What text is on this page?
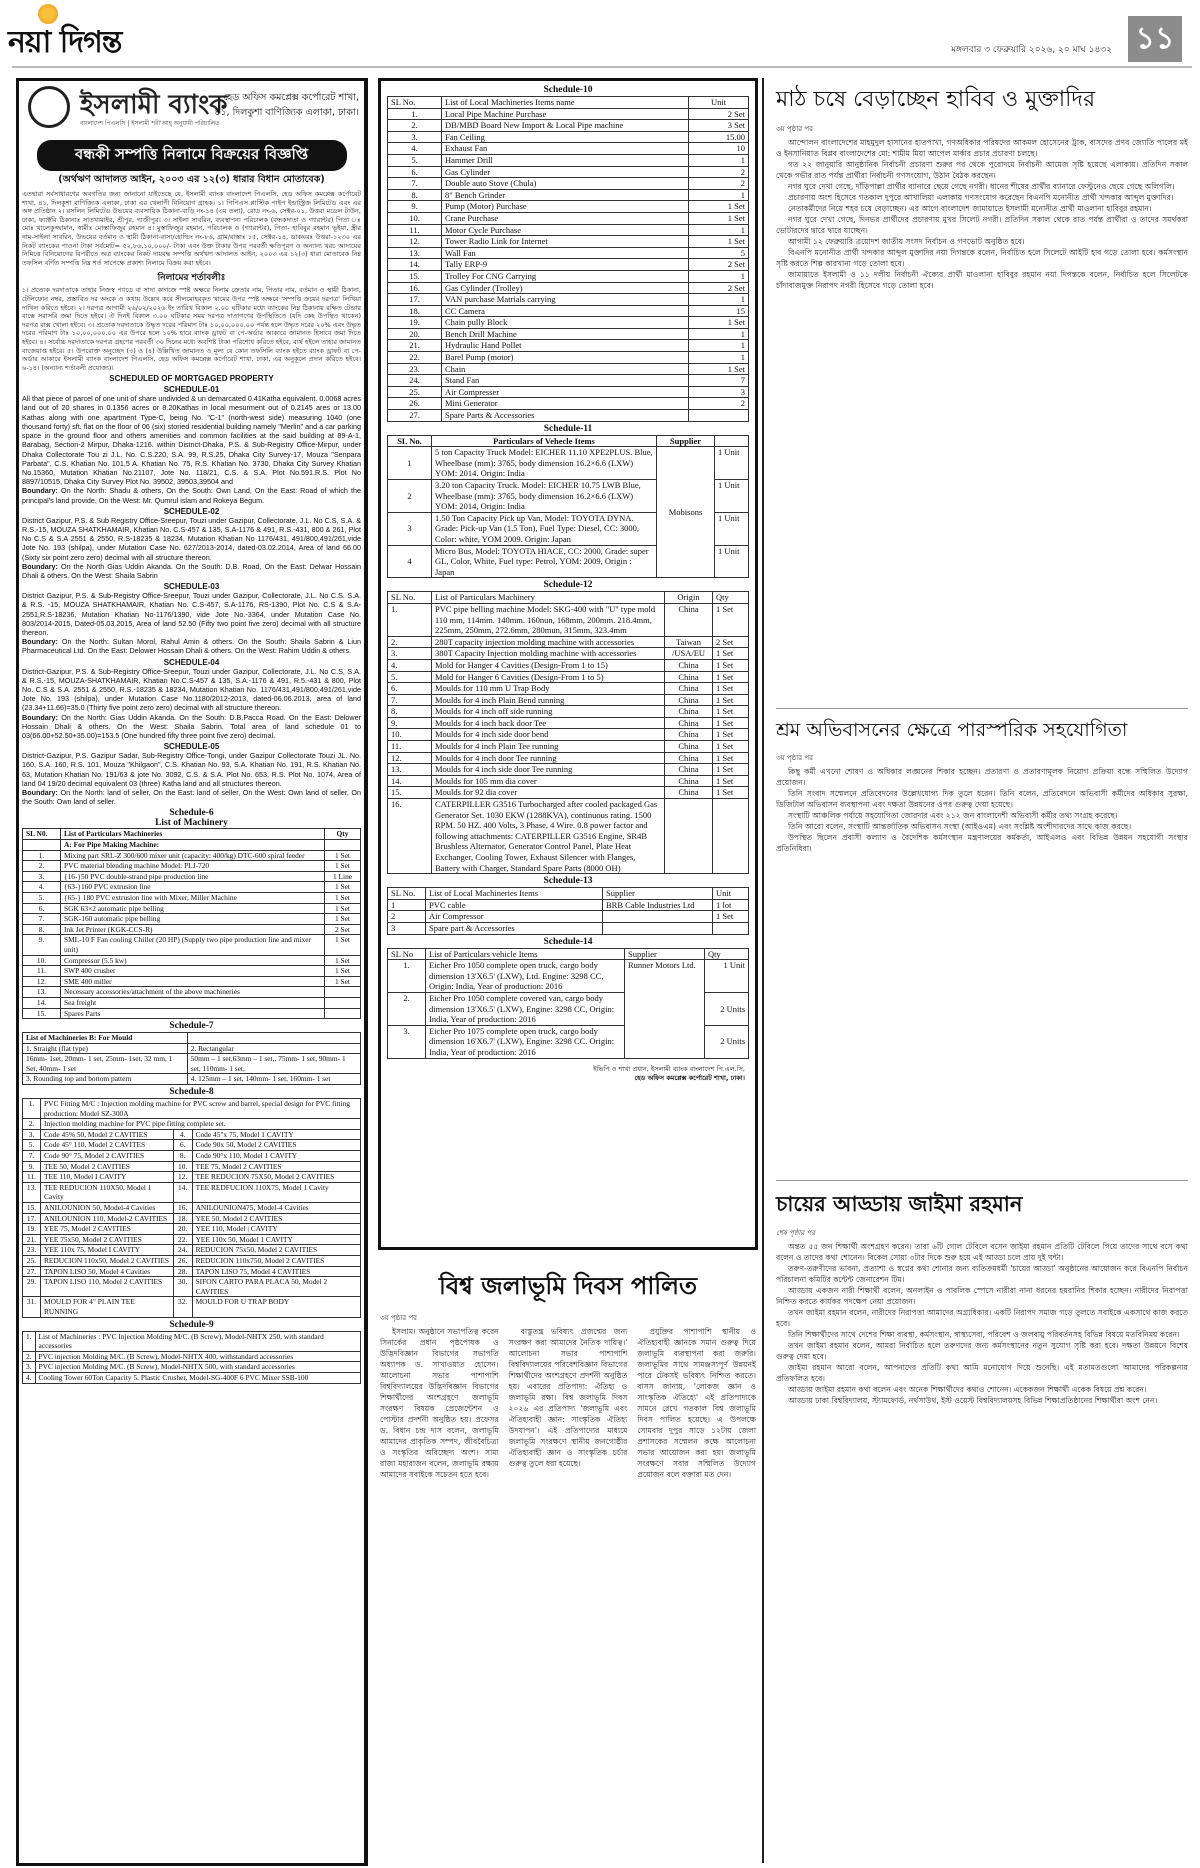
নয়া দিগন্ত	মঙ্গলবার ৩ ফেব্রুয়ারি ২০২৬, ২০ মাঘ ১৪৩২ ১১
ইসলামী ব্যাংক
বাংলাদেশ পিএলসি | ইসলামী শরী'আহ্ অনুযায়ী পরিচালিত
হেড অফিস কমপ্লেক্স কর্পোরেট শাখা,
৪১, দিলকুশা বাণিজ্যিক এলাকা, ঢাকা।
বন্ধকী সম্পত্তি নিলামে বিক্রয়ের বিজ্ঞপ্তি
(অর্থঋণ আদালত আইন, ২০০৩ এর ১২(৩) ধারার বিধান মোতাবেক)
এতদ্বারা সর্বসাধারণের অবগতির জন্য জানানো যাইতেছে যে, ইসলামী ব্যাংক বাংলাদেশ পিএলসি, হেড অফিস কমপ্লেক্স কর্পোরেট শাখা, ৪১, দিলকুশা বাণিজ্যিক এলাকা, ঢাকা এর খেলাপী বিনিয়োগ গ্রাহক। ১। পিপিএস প্লাস্টিক পাইপ ইন্ডাস্ট্রিজ লিমিটেড এবং এর অঙ্গ প্রতিষ্ঠান ২। রসলিন লিমিটেড উভয়ের ব্যবসায়িক ঠিকানা-বাড়ি নং-১৪ (৩য় তলা), রোড নং-৬, সেক্টর-০১, উত্তরা মডেল টাউন, ঢাকা, ফ্যাক্টরি ঠিকানাঃ সাতখামাইর, শ্রীপুর, গাজীপুর। ৩। সাইলা সাবরিন, ব্যবস্থাপনা পরিচালক (বন্ধকদাতা ও গ্যারান্টর) পিতা ঃ মোঃ খালেকুজ্জামান, স্বামীঃ মোস্তাফিজুর রহমান ৪। মুস্তাফিজুর রহমান, পরিচালক ও (গ্যারান্টর), পিতা- হাবিবুর রহমান ভূইয়া, স্ত্রীর নাম-সাইলা সাবরিন, উভয়ের বর্তমান ও স্থায়ী ঠিকানা-বাসা/হোল্ডিং নং-৮৬, গ্রাম/রাস্তাঃ ১৫, সেক্টর-১৪, ডাকঘরঃ উত্তরা-১২৩০ এর নিকট ব্যাংকের পাওনা টাকা সর্বমোট= ৫২,৮৬,১০,০০০/- টাকা এবং উক্ত টাকার উপর পরবর্তী ক্ষতিপূরণ ও অন্যান্য খরচ আদায়ের নিমিত্তে বিনিয়োগের বিপরীতে অত্র ব্যাংকের নিকট দায়বদ্ধ সম্পত্তি অর্থঋণ আদালত আইন, ২০০৩ এর ১২(৩) ধারা মোতাবেক নিম্ন তফসিল বর্ণিত সম্পত্তি নিম্ন শর্ত সাপেক্ষে প্রকাশ্য নিলামে বিক্রয় করা হইবে।
নিলামের শর্তাবলীঃ
১। প্রত্যেক দরদাতাকে তাহার নিজস্ব প্যাডে বা সাদা কাগজে স্পষ্ট অক্ষরে নিলাম ক্রেতার নাম, পিতার নাম, বর্তমান ও স্থায়ী ঠিকানা, টেলিফোন নম্বর, প্রস্তাবিত দর অংকে ও কথায় উল্লেখ করে সীলমোহরকৃত খামের উপর স্পষ্ট অক্ষরে 'সম্পত্তি ক্রয়ের দরপত্র' লিখিয়া দাখিল করিতে হইবে। ২। দরপত্র আগামী ২৬/০২/২০২৬ ইং তারিখ বিকাল ২.০০ ঘটিকার মধ্যে ব্যাংকের নিম্ন ঠিকানায় রক্ষিত টেন্ডার বাক্সে সরাসরি জমা দিতে হইবে। ঐ দিনই বিকাল ৩.০০ ঘটিকার সময় দরপত্র দাতাগণের উপস্থিতিতে (যদি কেহ উপস্থিত থাকেন) দরপত্র বাক্স খোলা হইবে। ৩। প্রত্যেক দরদাতাকে উদ্ধৃত দরের পরিমাণ টাঃ ১০,০০,০০০.০০ পর্যন্ত হলে উদ্ধৃত দরের ২০% এবং উদ্ধৃত দরের পরিমাণ টাঃ ১০,০০,০০০.০০ এর উপরে হলে ১০% হারে ব্যাংক ড্রাফট বা পে-অর্ডার আকারে জামানত হিসাবে জমা দিতে হইবে। ৪। সর্বোচ্চ দরদাতাকে দরপত্র গ্রহণের পরবর্তী ৩০ দিনের মধ্যে অবশিষ্ট টাকা পরিশোধ করিতে হইবে, ব্যর্থ হইলে তাহার জামানত বাজেয়াপ্ত হইবে। ৫। উপরোক্ত অনুচ্ছেদ (৩) ও (৪) উল্লিখিত জামানত ও মূল্য যে কোন তফসিলি ব্যাংক হইতে ব্যাংক ড্রাফট বা পে-অর্ডার আকারে ইসলামী ব্যাংক বাংলাদেশ পিএলসি, হেড অফিস কমপ্লেক্স কর্পোরেট শাখা, ঢাকা, এর অনুকূলে প্রদান করিতে হইবে। ৬-১৪। (অন্যান্য শর্তাবলী প্রযোজ্য)।
SCHEDULED OF MORTGAGED PROPERTY
SCHEDULE-01
All that piece of parcel of one unit of share undivided & un demarcated 0.41Katha equivalent. 0.0068 acres land out of 20 shares in 0.1356 acres or 8.20Kathas in local mesurment out of 0.2145 ares or 13.00 Kathas along with one apartment Type-C, being No. "C-1" (north-west side) measuring 1040 (one thousand forty) sft. flat on the floor of 06 (six) storied residential building namely "Merlin" and a car parking space in the ground floor and others amenities and common facilities at the said building at 89-A-1, Barabag, Section-2 Mirpur, Dhaka-1216. within District-Dhaka, P.S. & Sub-Registry Office-Mirpur, under Dhaka Collectorate Tou zi J.L. No. C.S.220, S.A. 99, R.S.25, Dhaka City Survey-17, Mouza "Senpara Parbata", C.S. Khatian No. 101,5 A. Khatian No. 75, R.S. Khatian No. 3730, Dhaka City Survey Khatian No.15360, Mutation Khatian No.21107, Jote No. 118/21, C.S. & S.A. Plot No.591.R.S. Plot No 8897/10515, Dhaka City Survey Plot No. 39502, 39503,39504 and
Boundary: On the North: Shadu & others, On the South: Own Land, On the East: Road of which the principal's land provide, On the West: Mr. Qumrul islam and Rokeya Begum.
SCHEDULE-02
District Gazipur, P.S. & Sub Registry Office-Sreepur, Touzi under Gazipur, Collectorate, J.L. No C.S, S.A. & R.S.-15, MOUZA SHATKHAMAIR, Khatian No. C.S-457 & 135, S.A-1176 & 491, R.S.-431, 800 & 261, Plot No C.S & S.A 2551 & 2550, R.S-18235 & 18234, Mutation Khatian No 1176/431, 491/800,491/261,vide Jote No. 193 (shilpa), under Mutation Case No. 627/2013-2014, dated-03.02.2014, Area of land 66.00 (Sixty six point zero zero) decimal with all structure thereon.
Boundary: On the North Gias Uddin Akanda. On the South: D.B. Road, On the East: Delwar Hossain Dhali & others. On the West: Shaila Sabrin
SCHEDULE-03
District Gazipur, P.S. & Sub-Registry Office-Sreepur, Touzi under Gazipur, Collectorate, J.L. No C.S. S.A. & R.S. -15, MOUZA SHATKHAMAIR, Khatian No. C.S-457, S.A-1176, RS-1390, Plot No. C.S & S.A-2551,R.S-18236, Mutation Khatian No-1176/1390, vide Jote No.-3364, under Mutation Case No. 803/2014-2015, Dated-05.03.2015, Area of land 52.50 (Fifty two point five zero) decimal with all structure thereon.
Boundary: On the North: Sultan Morol, Rahul Amin & others. On the South: Shaila Sabrin & Liun Pharmaceutical Ltd. On the East: Delower Hossain Dhali & others. On the West: Rahim Uddin & others.
SCHEDULE-04
District-Gazipur, P.S. & Sub-Registry Office-Sreepur, Touzi under Gazipur, Collectorate, J.L. No C.S, S.A. & R.S.-15, MOUZA-SHATKHAMAIR, Khatian No.C.S-457 & 135, S.A.-1176 & 491, R.5.-431 & 800, Plot No. C.S & S.A. 2551 & 2550, R.S.-18235 & 18234, Mutation Khatian No. 1176/431,491/800,491/261,vide Jote No. 193 (shilpa), under Mutation Case No.1180/2012-2013, dated-06.06.2013, area of land (23.34+11.66)=35.0 (Thirty five point zero zero) decimal with all structure thereon.
Boundary: On the North: Gias Uddin Akanda. On the South: D.B.Pacca Road. On the East: Delower Hossain Dhali & others. On the West: Shaila Sabrin. Total area of land schedule 01 to 03(66.00+52.50+35.00)=153.5 (One hundred fifty three point five zero) decimal.
SCHEDULE-05
District-Gazipur, P.S. Gazipur Sadar, Sub-Registry Office-Tongi, under Gazipur Collectorate Touzi JL. No. 160, S.A. 160, R.S. 101, Mouza "Khilgaon", C.S. Khatian No. 93, S.A. Khatian No. 191, R.S. Khatian No. 63, Mutation Khatian No. 191/63 & jote No. 3092, C.S. & S.A. Plot No. 653, R.S. Plot No. 1074, Area of land 04 19/20 decimal equivalent 03 (three) Katha land and all structures thereon.
Boundary: On the North: land of seller, On the East: land of seller, On the West: Own land of seller, On the South: Own land of seller.
Schedule-6
List of Machinery
SL N0.	List of Particulars Machineries	Qty
	A: For Pipe Making Machine:	
1.	Mixing part SRL-Z 300/600 mixer unit (capacity: 400/kg) DTC-600 spiral feeder	1 Set
2.	PVC material blending machine Model: PLJ-720	1 Set
3.	{16-}50 PVC double-strand pipe production line	1 Line
4.	{63-}160 PVC extrusion line	1 Set
5.	{65-} 180 PVC extrusion line with Mixer, Miller Machine	1 Set
6.	SGK 63×2 automatic pipe belling	1 Set
7.	SGK-160 automatic pipe belling	1 Set
8.	Ink Jet Printer (KGK-CCS-R)	2 Set
9.	SML-10 F Fan cooling Chiller (20 HP) (Supply two pipe production line and mixer unit)	1 Set
10.	Compressor (5.5 kw)	1 Set
11.	SWP 400 crusher	1 Set
12.	SME 400 miller	1 Set
13.	Necessary accessories/attachment of the above machineries	
14.	Sea freight	
15.	Spares Parts	
Schedule-7
List of Machineries B: For Mould	
1. Straight (flat type)	2. Rectangular
16mm- 1set, 20mm- 1 set, 25mm- 1set, 32 mm, 1 Set, 40mm- 1 set	50mm – 1 set,63mm – 1 set,, 75mm- 1 set, 90mm- 1 set, 110mm- 1 set,
3. Rounding top and bottom pattern	4. 125mm – 1 set, 140mm- 1 set, 160mm- 1 set
Schedule-8
1.	PVC Fitting M/C : Injection molding machine for PVC screw and barrel, special design for PVC fitting production: Model SZ-300A		
2.	Injection molding machine for PVC pipe fitting complete set.		
3.	Code 45% 50, Model 2 CAVITIES	4.	Code 45"x 75, Model 1 CAVITY
5.	Code 45° 110, Model 2 CAVITES	6.	Code 90x 50, Model 2 CAVITIES
7.	Code 90° 75, Model 2 CAVITIES	8.	Code 90°x 110, Model 1 CAVITY
9.	TEE 50, Model 2 CAVITIES	10.	TEE 75, Model 2 CAVITIES
11.	TEE 110, Model I CAVITY	12.	TEE REDUCION 75X50, Model 2 CAVITIES
13.	TEE REDUCION 110X50, Model 1 Cavity	14.	TEE REDFUCION 110X75, Model 1 Cavity
15.	ANILOUNION 50, Model-4 Cavities	16.	ANILOUNION475, Model-4 Cavities
17.	ANILOUNION 110, Model-2 CAVITIES	18.	YEE 50, Model 2 CAVITIES
19.	YEE 75, Model 2 CAVITIES	20.	YEE 110, Model | CAVITY
21.	YEE 75x50, Model 2 CAVITIES	22.	YEE 110x 50, Model 1 CAVITY
23.	YEE 110x 75, Model I CAVITY	24.	REDUCION 75x50, Model 2 CAVITIES
25.	REDUCION 110x50, Model 2 CAVITIES	26.	REDUCION 110x750, Model 2 CAVITIES
27.	TAPON LISO 50, Model 4 Cavities	28.	TAPON LISO 75, Model 4 CAVITIES
29.	TAPON LISO 110, Model 2 CAVITIES	30.	SIFON CARTO PARA PLACA 50, Model 2 CAVITIES
31.	MOULD FOR 4" PLAIN TEE RUNNING	32.	MOULD FOR U TRAP BODY
Schedule-9
1.	List of Machineries : PVC Injection Molding M/C. (B Screw), Model-NHTX 250, with standard accessories
2.	PVC injection Molding M/C. (B Screw), Model-NHTX 400, withstandard accessories
3.	PVC injection Molding M/C. (B Screw), Model-NHTX 500, with standard accessories
4.	Cooling Tower 60Ton Capacity 5. Plastic Crusher, Model-SG-400F 6 PVC Mixer SSB-100
Schedule-10
SL No.	List of Local Machineries Items name	Unit
1.	Local Pipe Machine Purchase	2 Set
2.	DB/MBD Board New Import & Local Pipe machine	3 Set
3.	Fan Ceiling	15.00
4.	Exhaust Fan	10
5.	Hammer Drill	1
6.	Gas Cylinder	2
7.	Double auto Stove (Chula)	2
8.	8" Bench Grinder	1
9.	Pump (Motor) Purchase	1 Set
10.	Crane Purchase	1 Set
11.	Motor Cycle Purchase	1
12.	Tower Radio Link for Internet	1 Set
13.	Wall Fan	5
14.	Tally ERP-9	2 Set
15.	Trolley For CNG Carrying	1
16.	Gas Cylinder (Trolley)	2 Set
17.	VAN purchase Matrials carrying	1
18.	CC Camera	15
19.	Chain pully Block	1 Set
20.	Bench Drill Machine	1
21.	Hydraulic Hand Pollet	1
22.	Barel Pump (motor)	1
23.	Chain	1 Set
24.	Stand Fan	7
25.	Air Compresser	3
26.	Mini Generator	2
27.	Spare Parts & Accessories	
Schedule-11
SL No.	Particulars of Vehecle Items	Supplier	
1	5 ton Capacity Truck Model: EICHER 11.10 XPE2PLUS. Blue, Wheelbase (mm): 3765, body dimension 16.2×6.6 (LXW) YOM: 2014. Origin: India	Mobisons	1 Unit
2	3.20 ton Capacity Truck. Model: EICHER 10.75 LWB Blue, Wheelbase (mm): 3765, body dimension 16.2×6.6 (LXW) YOM: 2014, Origin: India		1 Unit
3	1.50 Ton Capacity Pick up Van, Model: TOYOTA DYNA. Grade: Pick-up Van (1.5 Ton), Fuel Type: Diesel, CC: 3000, Color: white, YOM 2009. Origin: Japan		1 Unit
4	Micro Bus, Model: TOYOTA HIACE, CC: 2000, Grade: super GL, Color, White, Fuel type: Petrol, YOM: 2009, Origin : Japan		1 Unit
Schedule-12
SL No.	List of Particulars Machinery	Origin	Qty
1.	PVC pipe belling machine Model: SKG-400 with "U" type mold 110 mm, 114mm. 140mm. 160nun, 168mm, 200mm. 218.4mm, 225mm, 250mm, 272.6mm, 280mun, 315mm, 323.4mm	China	1 Set
2.	280T capacity injection molding machine with accessories	Taiwan	2 Set
3.	380T Capacity Injection molding machine with accessories	/USA/EU	1 Set
4.	Mold for Hanger 4 Cavities (Design-From 1 to 15)	China	1 Set
5.	Mold for Hanger 6 Cavities (Design-From 1 to 5)	China	1 Set
6.	Moulds for 110 mm U Trap Body	China	1 Set
7.	Moulds for 4 inch Plain Bend running	China	1 Set
8.	Moulds for 4 inch off side running	China	1 Set
9.	Moulds for 4 inch back door Tee	China	1 Set
10.	Moulds for 4 inch side door bend	China	1 Set
11.	Moulds for 4 inch Plain Tee running	China	1 Set
12.	Moulds for 4 inch door Tee running	China	1 Set
13.	Moulds for 4 inch side door Tee running	China	1 Set
14.	Moulds for 105 mm dia cover	China	1 Set
15.	Moulds for 92 dia cover	China	1 Set
16.	CATERPILLER G3516 Turbocharged after cooled packaged Gas Generator Set. 1030 EKW (1288KVA), continuous rating. 1500 RPM. 50 HZ. 400 Volts, 3 Phase, 4 Wire. 0.8 power factor and following attachments: CATERPILLER G3516 Engine, SR4B Brushless Alternator, Generator Control Panel, Plate Heat Exchanger, Cooling Tower, Exhaust Silencer with Flanges, Battery with Charger, Standard Spare Parts (8000 OH)		
Schedule-13
SL No.	List of Local Machineries Items	Supplier	Unit
1	PVC cable	BRB Cable Industries Ltd	1 lot
2	Air Compressor		1 Set
3	Spare part & Accessories		
Schedule-14
SL No	List of Particulars vehicle Items	Supplier	Qty
1.	Eicher Pro 1050 complete open truck, cargo body dimension 13'X6.5' (LXW), Ltd. Engine: 3298 CC, Origin: India, Year of production: 2016	Runner Motors Ltd.	1 Unit
2.	Eicher Pro 1050 complete covered van, cargo body dimension 13'X6.5' (LXW), Engine: 3298 CC, Origin: India, Year of production: 2016		2 Units
3.	Eicher Pro 1075 complete open truck, cargo body dimension 16'X6.7' (LXW), Engine: 3298 CC. Origin: India, Year of production: 2016		2 Units
ইভিপি ও শাখা প্রধান, ইসলামী ব্যাংক বাংলাদেশ পি.এল.সি,
হেড অফিস কমপ্লেক্স কর্পোরেট শাখা, ঢাকা।
মাঠ চষে বেড়াচ্ছেন হাবিব ও মুক্তাদির
৩য় পৃষ্ঠার পর

আন্দোলন বাংলাদেশের মাহমুদুল হাসানের হাতপাখা, গণঅধিকার পরিষদের আকমল হোসেনের ট্রাক, বাসদের প্রণব জ্যোতি পালের মই ও ইনসানিয়াত বিপ্লব বাংলাদেশের মো: শামীম মিয়া আপেল মার্কার প্রচার প্রচারণা চলছে।

গত ২২ জানুয়ারি আনুষ্ঠানিক নির্বাচনী প্রচারণা শুরুর পর থেকে পুরোদমে নির্বাচনী আমেজ সৃষ্টি হয়েছে এলাকায়। প্রতিদিন সকাল থেকে গভীর রাত পর্যন্ত প্রার্থীরা নির্বাচনী গণসংযোগ, উঠান বৈঠক করছেন।

নগর ঘুরে দেখা গেছে, দাঁড়িপাল্লা প্রার্থীর ব্যানারে ছেয়ে গেছে নগরী। ধানের শীষের প্রার্থীর ব্যানারে ফেস্টুনেও ছেয়ে গেছে অলিগলি।

প্রচারণায় অংশ হিসেবে গতকাল দুপুরে আখালিয়া এলাকায় গণসংযোগ করেছেন বিএনপি মনোনীত প্রার্থী খন্দকার আব্দুল মুক্তাদির।

নেতাকর্মীদের নিয়ে শহর চষে বেড়াচ্ছেন। এর আগে বাংলাদেশ জামায়াতে ইসলামী মনোনীত প্রার্থী মাওলানা হাবিবুর রহমান।

নগর ঘুরে দেখা গেছে, দিনভর প্রার্থীদের প্রচারণায় মুখর সিলেট নগরী। প্রতিদিন সকাল থেকে রাত পর্যন্ত প্রার্থীরা ও তাদের সমর্থকরা ভোটারদের দ্বারে দ্বারে যাচ্ছেন।

আগামী ১২ ফেব্রুয়ারি ত্রয়োদশ জাতীয় সংসদ নির্বাচন ও গণভোট অনুষ্ঠিত হবে।

বিএনপি মনোনীত প্রার্থী খন্দকার আব্দুল মুক্তাদির নয়া দিগন্তকে বলেন, নির্বাচিত হলে সিলেটে আইটি হাব গড়ে তোলা হবে। কর্মসংস্থান সৃষ্টি করতে শিল্প কারখানা গড়ে তোলা হবে।

জামায়াতে ইসলামী ও ১১ দলীয় নির্বাচনী ঐক্যের প্রার্থী মাওলানা হাবিবুর রহমান নয়া দিগন্তকে বলেন, নির্বাচিত হলে সিলেটকে চাঁদাবাজমুক্ত নিরাপদ নগরী হিসেবে গড়ে তোলা হবে।

শ্রম অভিবাসনের ক্ষেত্রে পারস্পরিক সহযোগিতা
৩য় পৃষ্ঠার পর

কিছু কর্মী এখনো শোষণ ও অধিকার লঙ্ঘনের শিকার হচ্ছেন। প্রতারণা ও প্রতারণামূলক নিয়োগ প্রক্রিয়া বন্ধে সম্মিলিত উদ্যোগ প্রয়োজন।

তিনি সংবাদ সম্মেলনে প্রতিবেদনের উল্লেখযোগ্য দিক তুলে ধরেন। তিনি বলেন, প্রতিবেদনে অভিবাসী কর্মীদের অধিকার সুরক্ষা, ডিজিটাল অভিবাসন ব্যবস্থাপনা এবং দক্ষতা উন্নয়নের ওপর গুরুত্ব দেয়া হয়েছে।

সংস্থাটি আঞ্চলিক পর্যায়ে সহযোগিতা জোরদার এবং ২১২ জন বাংলাদেশী অভিবাসী কর্মীর তথ্য সংগ্রহ করেছে।

তিনি আরো বলেন, সংস্থাটি আন্তর্জাতিক অভিবাসন সংস্থা (আইওএম) এবং সংশ্লিষ্ট অংশীদারদের সাথে কাজ করছে।

উপস্থিত ছিলেন প্রবাসী কল্যাণ ও বৈদেশিক কর্মসংস্থান মন্ত্রণালয়ের কর্মকর্তা, আইএলও এবং বিভিন্ন উন্নয়ন সহযোগী সংস্থার প্রতিনিধিরা।

চায়ের আড্ডায় জাইমা রহমান
শেষ পৃষ্ঠার পর

অন্তত ৫৫ জন শিক্ষার্থী অংশগ্রহণ করেন। তারা ৬টি গোল টেবিলে বসেন জাইমা রহমান প্রতিটি টেবিলে গিয়ে তাদের সাথে বসে কথা বলেন ও তাদের কথা শোনেন। বিকেল সোয়া ৩টার দিকে শুরু হয়ে এই আড্ডা চলে প্রায় দুই ঘন্টা।

তরুণ-তরুণীদের ভাবনা, প্রত্যাশা ও স্বপ্নের কথা শোনার জন্য ব্যতিক্রমধর্মী 'চায়ের আড্ডা' অনুষ্ঠানের আয়োজন করে বিএনপি নির্বাচন পরিচালনা কমিটির কন্টেন্ট জেনারেশন টিম।

আড্ডায় একজন নারী শিক্ষার্থী বলেন, অনলাইন ও পাবলিক স্পেসে নারীরা নানা ধরনের হয়রানির শিকার হচ্ছেন। নারীদের নিরাপত্তা নিশ্চিত করতে কার্যকর পদক্ষেপ নেয়া প্রয়োজন।

তখন জাইমা রহমান বলেন, নারীদের নিরাপত্তা আমাদের অগ্রাধিকার। একটি নিরাপদ সমাজ গড়ে তুলতে সবাইকে একসাথে কাজ করতে হবে।

তিনি শিক্ষার্থীদের সাথে দেশের শিক্ষা ব্যবস্থা, কর্মসংস্থান, স্বাস্থ্যসেবা, পরিবেশ ও জলবায়ু পরিবর্তনসহ বিভিন্ন বিষয়ে মতবিনিময় করেন।

তখন জাইমা রহমান বলেন, আমরা নির্বাচিত হলে তরুণদের জন্য কর্মসংস্থানের নতুন সুযোগ সৃষ্টি করা হবে। দক্ষতা উন্নয়নে বিশেষ গুরুত্ব দেয়া হবে।

জাইমা রহমান আরো বলেন, আপনাদের প্রতিটি কথা আমি মনোযোগ দিয়ে শুনেছি। এই মতামতগুলো আমাদের পরিকল্পনায় প্রতিফলিত হবে।

আড্ডায় জাইমা রহমান কথা বলেন এবং অনেক শিক্ষার্থীদের কথাও শোনেন। একেকজন শিক্ষার্থী একেক বিষয়ে প্রশ্ন করেন।

আড্ডায় ঢাকা বিশ্ববিদ্যালয়, স্ট্যামফোর্ড, নর্থসাউথ, ইস্ট ওয়েস্ট বিশ্ববিদ্যালয়সহ বিভিন্ন শিক্ষাপ্রতিষ্ঠানের শিক্ষার্থীরা অংশ নেন।

বিশ্ব জলাভূমি দিবস পালিত
৩য় পৃষ্ঠার পর

ইসলাম। অনুষ্ঠানে সভাপতিত্ব করেন সিনার্কের প্রধান পৃষ্ঠপোষক ও উদ্ভিদবিজ্ঞান বিভাগের সভাপতি অধ্যাপক ড. সাখাওয়াত হোসেন। আলোচনা সভার পাশাপাশি বিশ্ববিদ্যালয়ের উদ্ভিদবিজ্ঞান বিভাগের শিক্ষার্থীদের অংশগ্রহণে জলাভূমি সংরক্ষণ বিষয়ক প্রেজেন্টেশন ও পোস্টার প্রদর্শনী অনুষ্ঠিত হয়। প্রফেসর ড. বিধান চন্দ্র দাস বলেন, জলাভূমি আমাদের প্রাকৃতিক সম্পদ, জীববৈচিত্র্য ও সংস্কৃতির অবিচ্ছেদ্য অংশ। সাম্য রাজা মহারাজন বলেন, জলাভূমি রক্ষায় আমাদের সবাইকে সচেতন হতে হবে।

বাস্তুতন্ত্র ভবিষ্যৎ প্রজন্মের জন্য সংরক্ষণ করা আমাদের নৈতিক দায়িত্ব।' আলোচনা সভার পাশাপাশি বিশ্ববিদ্যালয়ের পরিবেশবিজ্ঞান বিভাগের শিক্ষার্থীদের অংশগ্রহণে প্রদর্শনী অনুষ্ঠিত হয়। এবারের প্রতিপাদ্য: ঐতিহ্য ও জলাভূমি রক্ষা। বিশ্ব জলাভূমি দিবস ২০২৬ এর প্রতিপাদ্য 'জলাভূমি এবং ঐতিহ্যবাহী জ্ঞান: সাংস্কৃতিক ঐতিহ্য উদযাপন'। এই প্রতিপাদ্যের মাধ্যমে জলাভূমি সংরক্ষণে স্থানীয় জনগোষ্ঠীর ঐতিহ্যবাহী জ্ঞান ও সাংস্কৃতিক চর্চার গুরুত্ব তুলে ধরা হয়েছে।

প্রযুক্তির পাশাপাশি স্থানীয় ও ঐতিহ্যবাহী জ্ঞানকে সমান গুরুত্ব দিয়ে জলাভূমি ব্যবস্থাপনা করা জরুরি। জলাভূমির সাথে সামঞ্জস্যপূর্ণ উন্নয়নই পারে টেকসই ভবিষ্যৎ নিশ্চিত করতে। বাসস জানায়, 'লোকজ জ্ঞান ও সাংস্কৃতিক ঐতিহ্যে' এই প্রতিপাদ্যকে সামনে রেখে গতকাল বিশ্ব জলাভূমি দিবস পালিত হয়েছে। এ উপলক্ষে সোমবার দুপুর সাড়ে ১২টায় জেলা প্রশাসকের সম্মেলন কক্ষে আলোচনা সভার আয়োজন করা হয়। জলাভূমি সংরক্ষণে সবার সম্মিলিত উদ্যোগ প্রয়োজন বলে বক্তারা মত দেন।
